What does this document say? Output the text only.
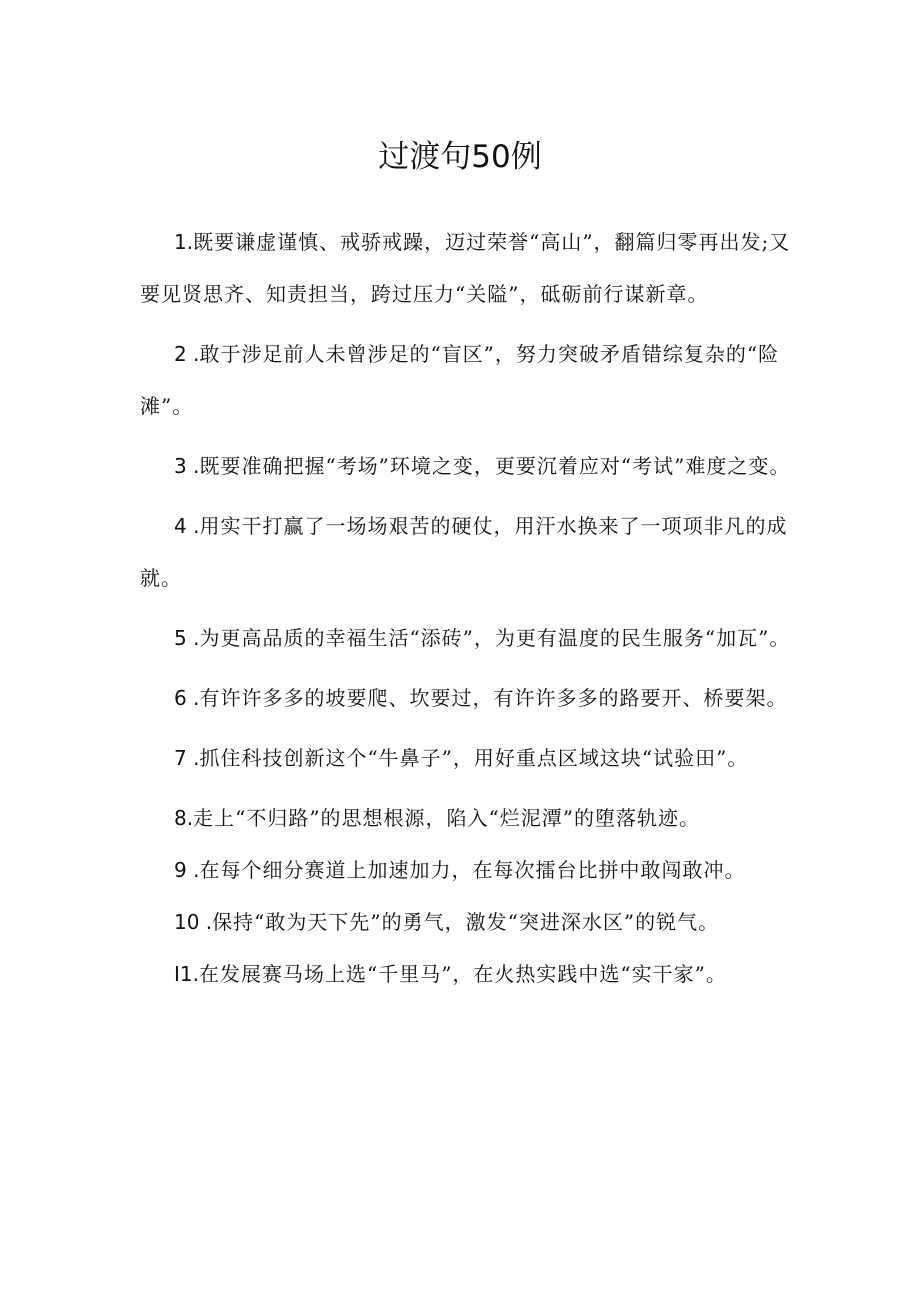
过渡句50例

1.既要谦虚谨慎、戒骄戒躁，迈过荣誉“高山”，翻篇归零再出发;又要见贤思齐、知责担当，跨过压力“关隘”，砥砺前行谋新章。

2 .敢于涉足前人未曾涉足的“盲区”，努力突破矛盾错综复杂的“险滩”。

3 .既要准确把握“考场”环境之变，更要沉着应对“考试”难度之变。

4 .用实干打赢了一场场艰苦的硬仗，用汗水换来了一项项非凡的成就。

5 .为更高品质的幸福生活“添砖”，为更有温度的民生服务“加瓦”。

6 .有许许多多的坡要爬、坎要过，有许许多多的路要开、桥要架。

7 .抓住科技创新这个“牛鼻子”，用好重点区域这块“试验田”。

8.走上“不归路”的思想根源，陷入“烂泥潭”的堕落轨迹。

9 .在每个细分赛道上加速加力，在每次擂台比拼中敢闯敢冲。

10 .保持“敢为天下先”的勇气，激发“突进深水区”的锐气。

I1.在发展赛马场上选“千里马”，在火热实践中选“实干家”。
